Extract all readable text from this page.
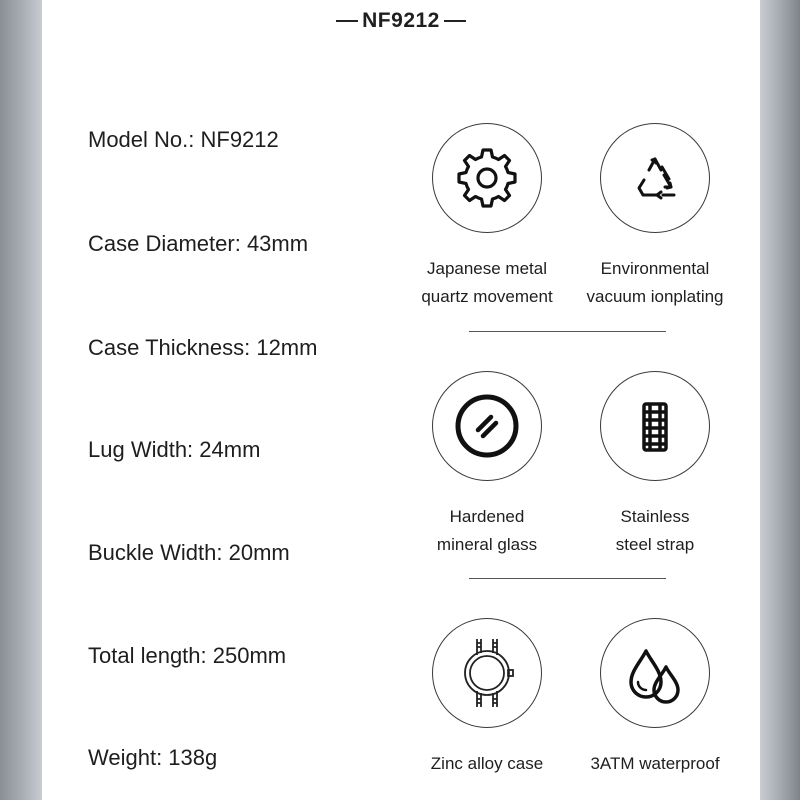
NF9212
Model No.: NF9212
Case Diameter: 43mm
Case Thickness: 12mm
Lug Width: 24mm
Buckle Width: 20mm
Total length: 250mm
Weight: 138g
Japanese metal
quartz movement
Environmental
vacuum ionplating
Hardened
mineral glass
Stainless
steel strap
Zinc alloy case	3ATM waterproof
